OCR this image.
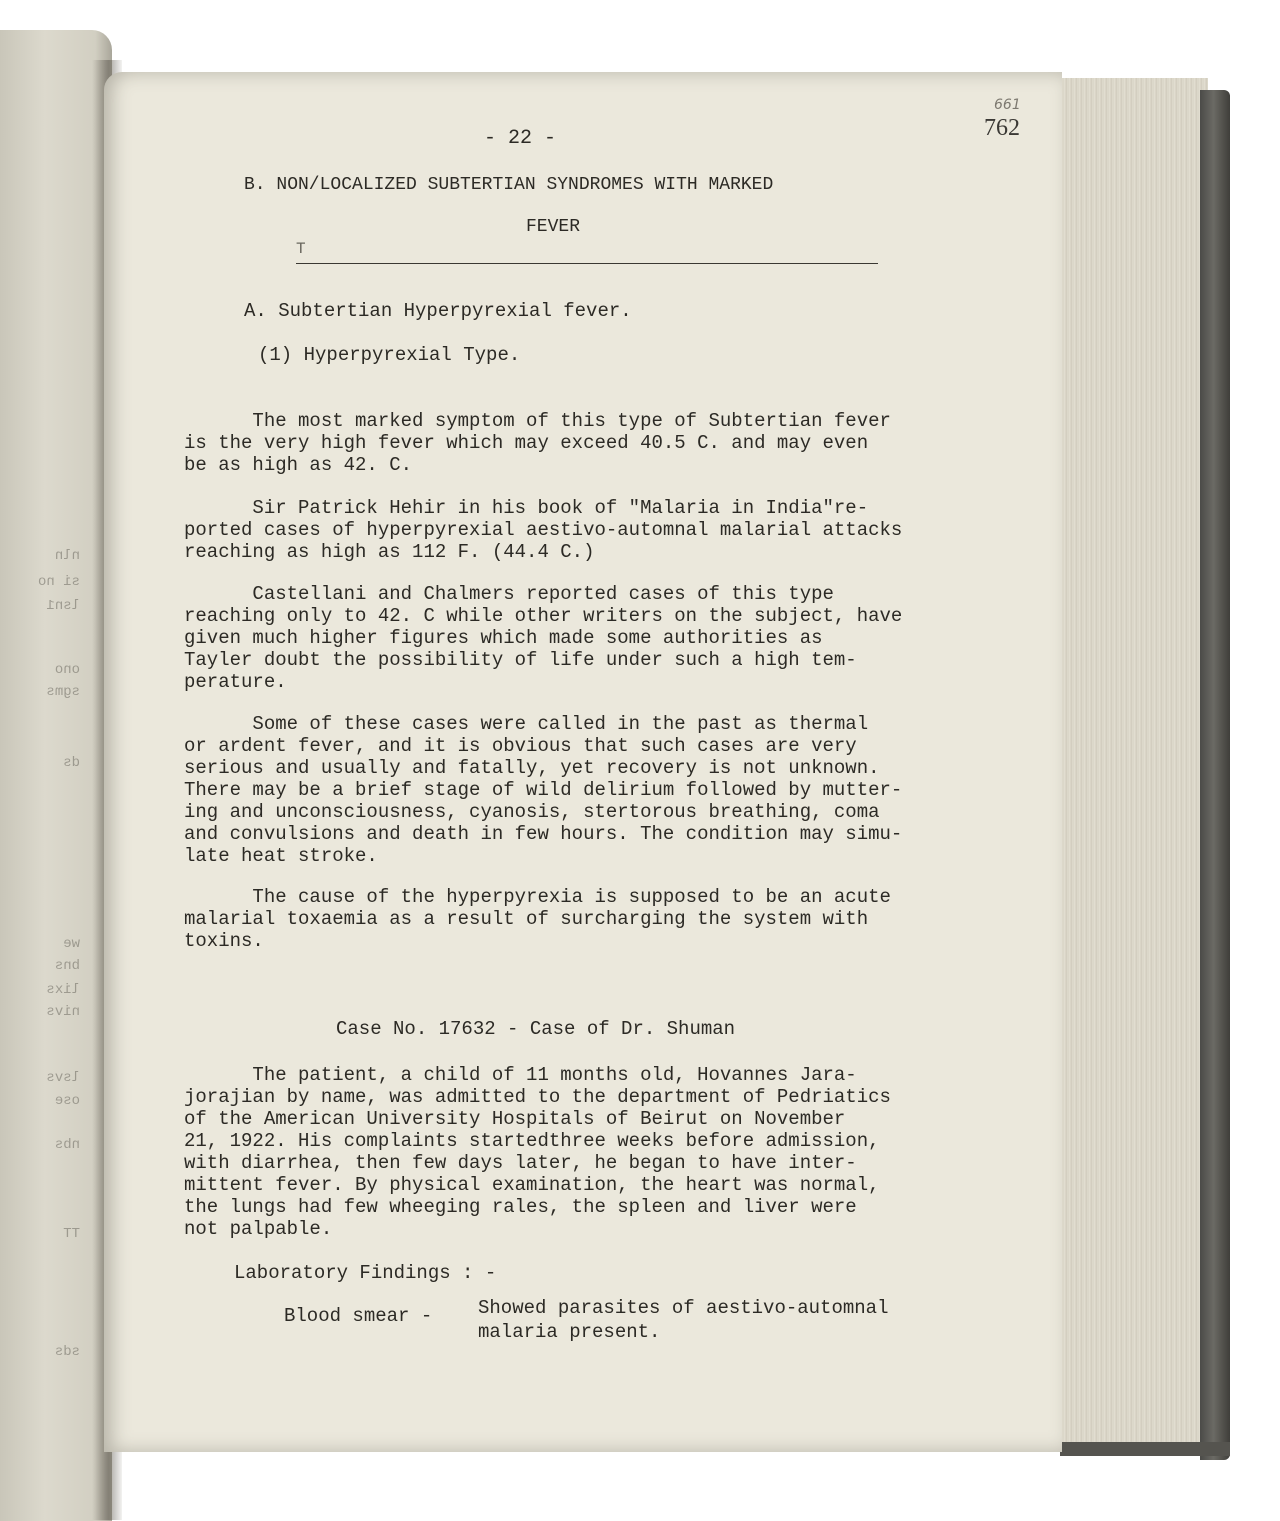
nln
si no
lsn1
ono
sgms
ds
we
bns
lixs
nivs
lsvs
ose
nbs
TT
sds
- 22 -
661
762
B. NON/LOCALIZED SUBTERTIAN SYNDROMES WITH MARKED
FEVER
T
A. Subtertian Hyperpyrexial fever.
(1) Hyperpyrexial Type.
The most marked symptom of this type of Subtertian fever
is the very high fever which may exceed 40.5 C. and may even
be as high as 42. C.
Sir Patrick Hehir in his book of "Malaria in India"re-
ported cases of hyperpyrexial aestivo-automnal malarial attacks
reaching as high as 112 F. (44.4 C.)
Castellani and Chalmers reported cases of this type
reaching only to 42. C while other writers on the subject, have
given much higher figures which made some authorities as
Tayler doubt the possibility of life under such a high tem-
perature.
Some of these cases were called in the past as thermal
or ardent fever, and it is obvious that such cases are very
serious and usually and fatally, yet recovery is not unknown.
There may be a brief stage of wild delirium followed by mutter-
ing and unconsciousness, cyanosis, stertorous breathing, coma
and convulsions and death in few hours. The condition may simu-
late heat stroke.
The cause of the hyperpyrexia is supposed to be an acute
malarial toxaemia as a result of surcharging the system with
toxins.
Case No. 17632 - Case of Dr. Shuman
The patient, a child of 11 months old, Hovannes Jara-
jorajian by name, was admitted to the department of Pedriatics
of the American University Hospitals of Beirut on November
21, 1922. His complaints startedthree weeks before admission,
with diarrhea, then few days later, he began to have inter-
mittent fever. By physical examination, the heart was normal,
the lungs had few wheeging rales, the spleen and liver were
not palpable.
Laboratory Findings : -
Blood smear - Showed parasites of aestivo-automnal
malaria present.
